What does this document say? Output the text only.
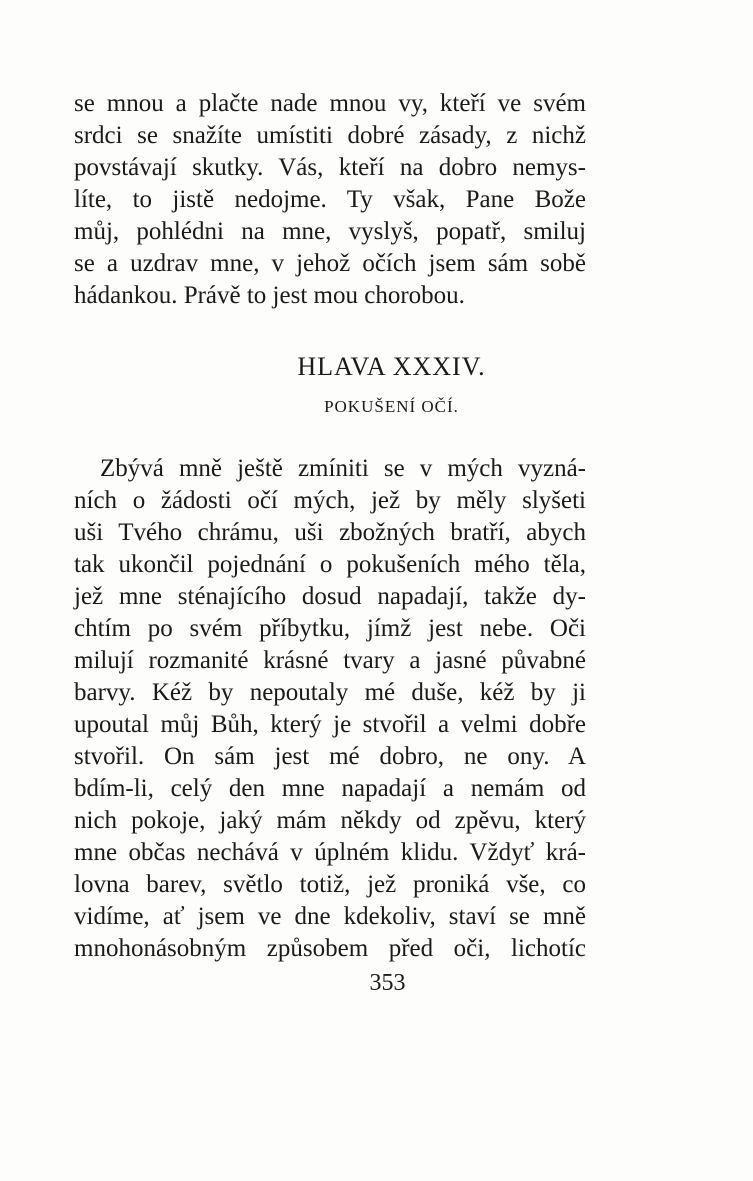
se mnou a plačte nade mnou vy, kteří ve svém
srdci se snažíte umístiti dobré zásady, z nichž
povstávají skutky. Vás, kteří na dobro nemys-
líte, to jistě nedojme. Ty však, Pane Bože
můj, pohlédni na mne, vyslyš, popatř, smiluj
se a uzdrav mne, v jehož očích jsem sám sobě
hádankou. Právě to jest mou chorobou.
HLAVA XXXIV.
POKUŠENÍ OČÍ.
Zbývá mně ještě zmíniti se v mých vyzná-
ních o žádosti očí mých, jež by měly slyšeti
uši Tvého chrámu, uši zbožných bratří, abych
tak ukončil pojednání o pokušeních mého těla,
jež mne sténajícího dosud napadají, takže dy-
chtím po svém příbytku, jímž jest nebe. Oči
milují rozmanité krásné tvary a jasné půvabné
barvy. Kéž by nepoutaly mé duše, kéž by ji
upoutal můj Bůh, který je stvořil a velmi dobře
stvořil. On sám jest mé dobro, ne ony. A
bdím-li, celý den mne napadají a nemám od
nich pokoje, jaký mám někdy od zpěvu, který
mne občas nechává v úplném klidu. Vždyť krá-
lovna barev, světlo totiž, jež proniká vše, co
vidíme, ať jsem ve dne kdekoliv, staví se mně
mnohonásobným způsobem před oči, lichotíc
353
